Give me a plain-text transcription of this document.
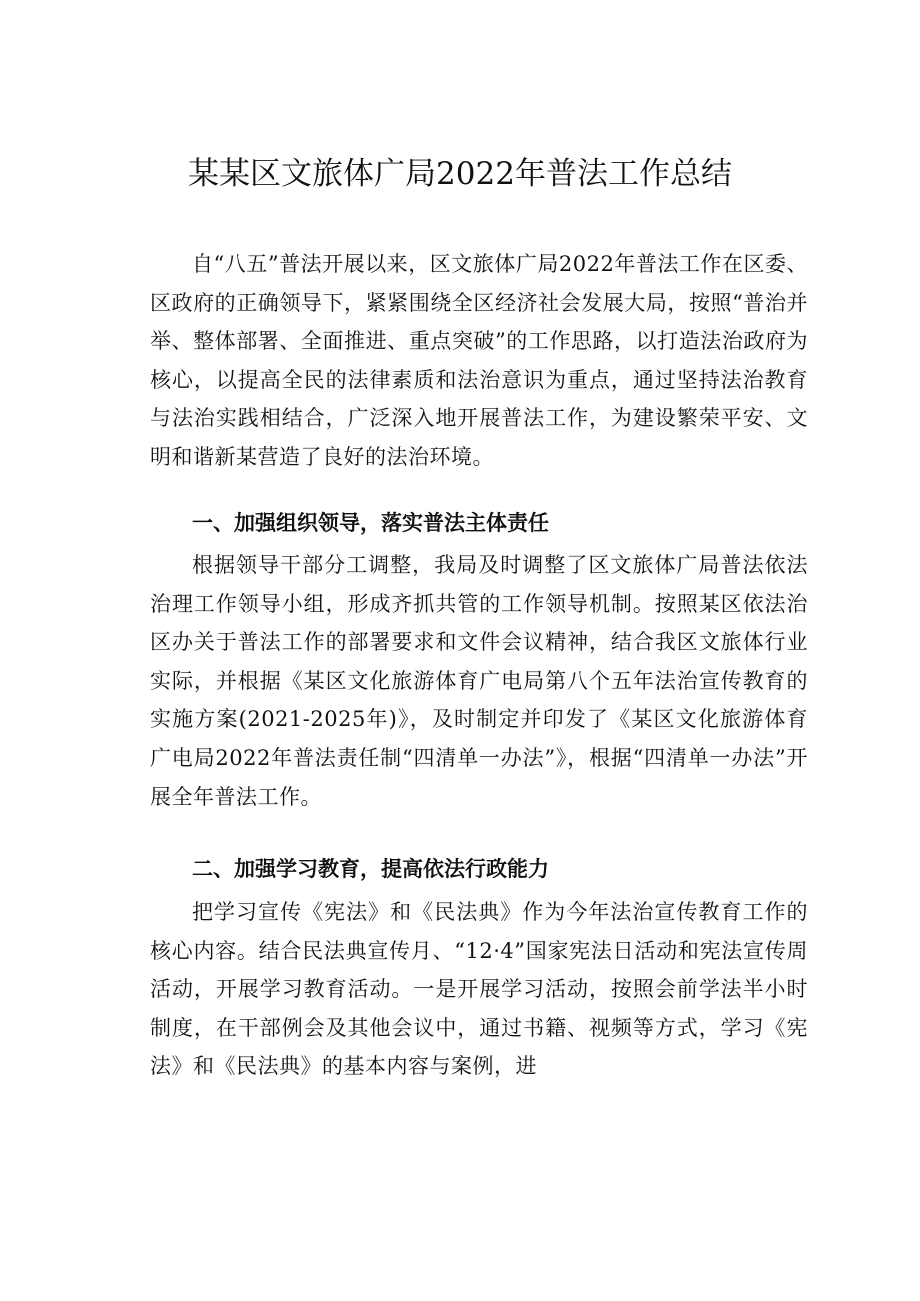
某某区文旅体广局2022年普法工作总结

自“八五”普法开展以来，区文旅体广局2022年普法工作在区委、区政府的正确领导下，紧紧围绕全区经济社会发展大局，按照“普治并举、整体部署、全面推进、重点突破”的工作思路，以打造法治政府为核心，以提高全民的法律素质和法治意识为重点，通过坚持法治教育与法治实践相结合，广泛深入地开展普法工作，为建设繁荣平安、文明和谐新某营造了良好的法治环境。

一、加强组织领导，落实普法主体责任

根据领导干部分工调整，我局及时调整了区文旅体广局普法依法治理工作领导小组，形成齐抓共管的工作领导机制。按照某区依法治区办关于普法工作的部署要求和文件会议精神，结合我区文旅体行业实际，并根据《某区文化旅游体育广电局第八个五年法治宣传教育的实施方案(2021-2025年)》，及时制定并印发了《某区文化旅游体育广电局2022年普法责任制“四清单一办法”》，根据“四清单一办法”开展全年普法工作。

二、加强学习教育，提高依法行政能力

把学习宣传《宪法》和《民法典》作为今年法治宣传教育工作的核心内容。结合民法典宣传月、“12·4”国家宪法日活动和宪法宣传周活动，开展学习教育活动。一是开展学习活动，按照会前学法半小时制度，在干部例会及其他会议中，通过书籍、视频等方式，学习《宪法》和《民法典》的基本内容与案例，进
